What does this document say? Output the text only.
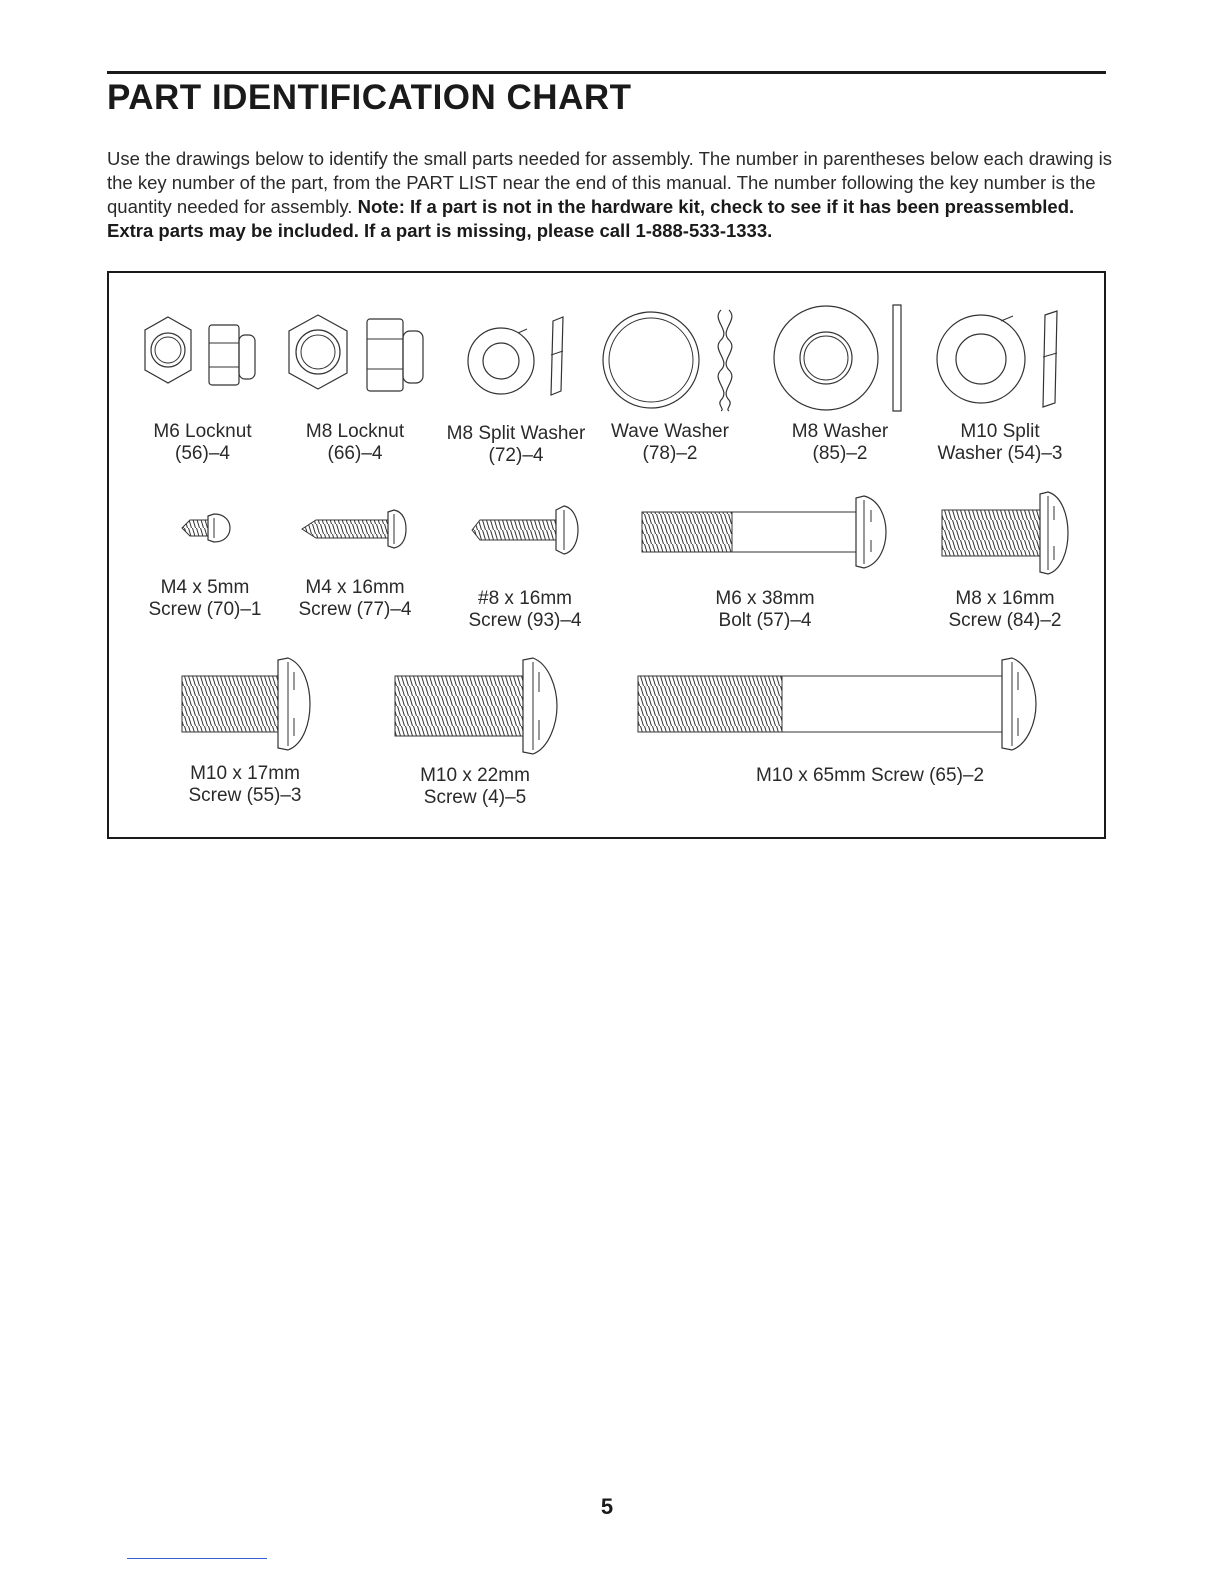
PART IDENTIFICATION CHART

Use the drawings below to identify the small parts needed for assembly. The number in parentheses below each drawing is the key number of the part, from the PART LIST near the end of this manual. The number following the key number is the quantity needed for assembly. Note: If a part is not in the hardware kit, check to see if it has been preassembled. Extra parts may be included. If a part is missing, please call 1-888-533-1333.

M6 Locknut
(56)–4
M8 Locknut
(66)–4
M8 Split Washer
(72)–4
Wave Washer
(78)–2
M8 Washer
(85)–2
M10 Split
Washer (54)–3
M4 x 5mm
Screw (70)–1
M4 x 16mm
Screw (77)–4
#8 x 16mm
Screw (93)–4
M6 x 38mm
Bolt (57)–4
M8 x 16mm
Screw (84)–2
M10 x 17mm
Screw (55)–3
M10 x 22mm
Screw (4)–5
M10 x 65mm Screw (65)–2
5
